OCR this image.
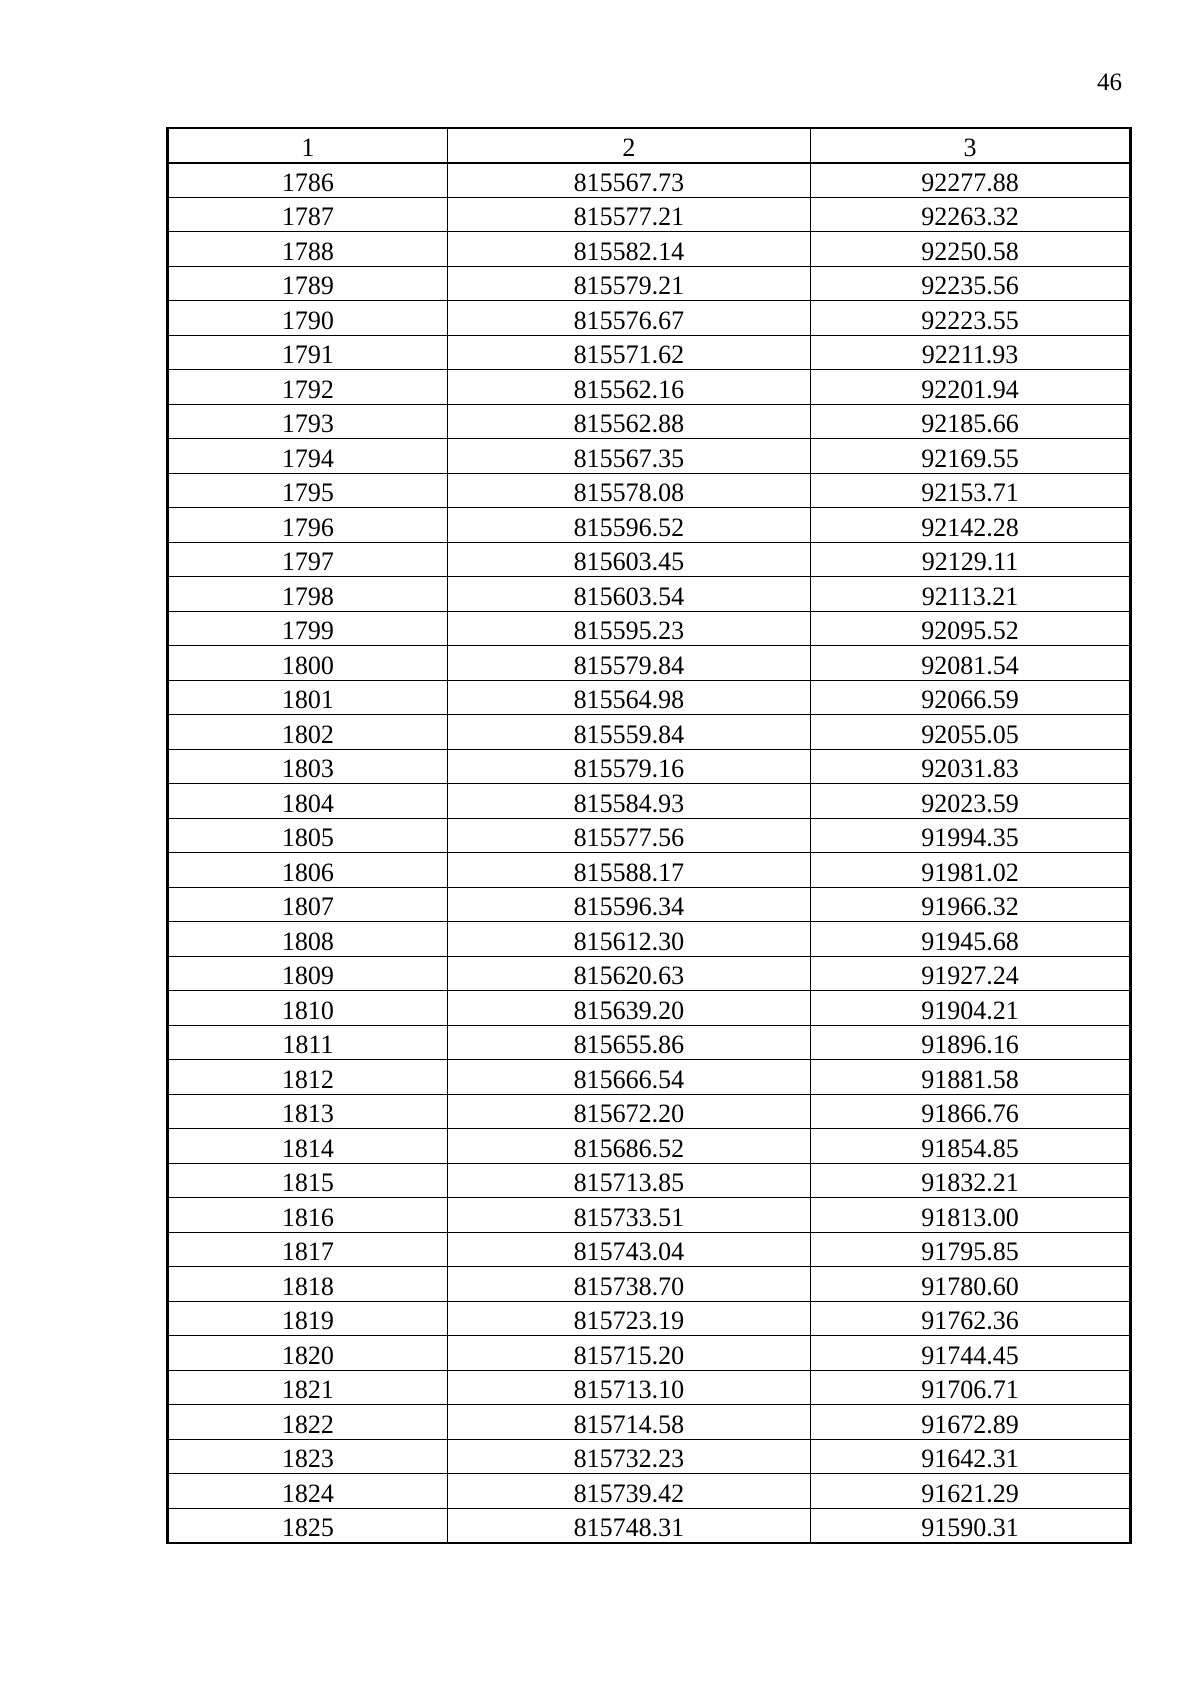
46
1	2	3
1786	815567.73	92277.88
1787	815577.21	92263.32
1788	815582.14	92250.58
1789	815579.21	92235.56
1790	815576.67	92223.55
1791	815571.62	92211.93
1792	815562.16	92201.94
1793	815562.88	92185.66
1794	815567.35	92169.55
1795	815578.08	92153.71
1796	815596.52	92142.28
1797	815603.45	92129.11
1798	815603.54	92113.21
1799	815595.23	92095.52
1800	815579.84	92081.54
1801	815564.98	92066.59
1802	815559.84	92055.05
1803	815579.16	92031.83
1804	815584.93	92023.59
1805	815577.56	91994.35
1806	815588.17	91981.02
1807	815596.34	91966.32
1808	815612.30	91945.68
1809	815620.63	91927.24
1810	815639.20	91904.21
1811	815655.86	91896.16
1812	815666.54	91881.58
1813	815672.20	91866.76
1814	815686.52	91854.85
1815	815713.85	91832.21
1816	815733.51	91813.00
1817	815743.04	91795.85
1818	815738.70	91780.60
1819	815723.19	91762.36
1820	815715.20	91744.45
1821	815713.10	91706.71
1822	815714.58	91672.89
1823	815732.23	91642.31
1824	815739.42	91621.29
1825	815748.31	91590.31
